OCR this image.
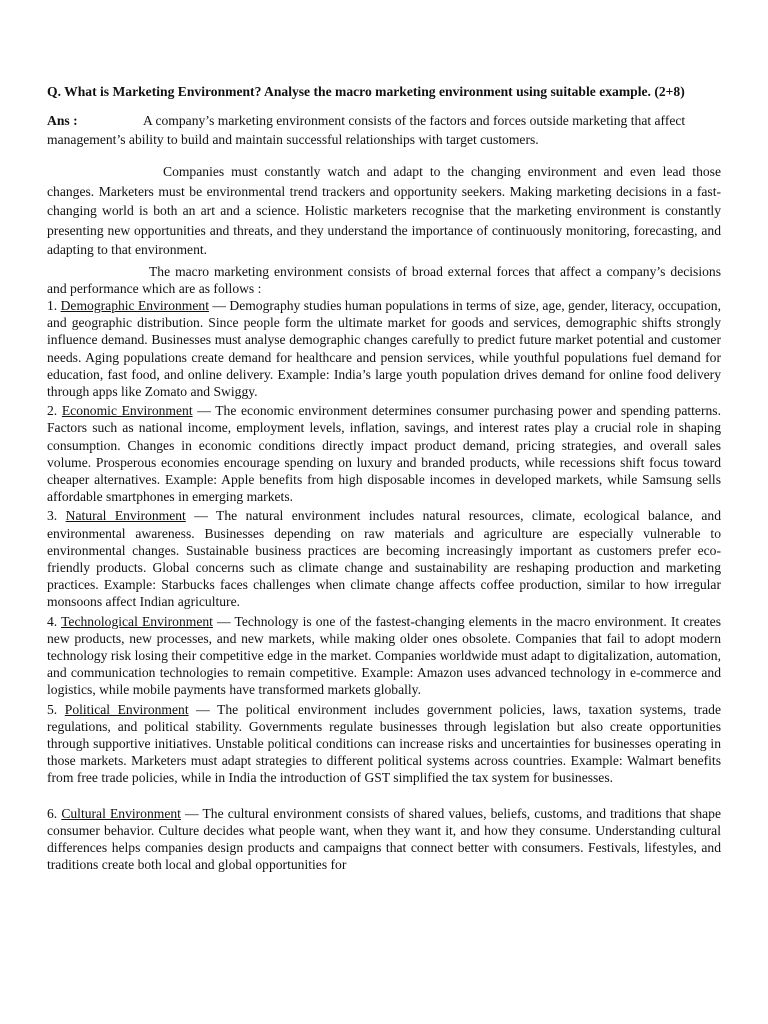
Q. What is Marketing Environment? Analyse the macro marketing environment using suitable example. (2+8)

Ans :	A company’s marketing environment consists of the factors and forces outside marketing that affect management’s ability to build and maintain successful relationships with target customers.

Companies must constantly watch and adapt to the changing environment and even lead those changes. Marketers must be environmental trend trackers and opportunity seekers. Making marketing decisions in a fast-changing world is both an art and a science. Holistic marketers recognise that the marketing environment is constantly presenting new opportunities and threats, and they understand the importance of continuously monitoring, forecasting, and adapting to that environment.

The macro marketing environment consists of broad external forces that affect a company’s decisions and performance which are as follows :

1. Demographic Environment — Demography studies human populations in terms of size, age, gender, literacy, occupation, and geographic distribution. Since people form the ultimate market for goods and services, demographic shifts strongly influence demand. Businesses must analyse demographic changes carefully to predict future market potential and customer needs. Aging populations create demand for healthcare and pension services, while youthful populations fuel demand for education, fast food, and online delivery. Example: India’s large youth population drives demand for online food delivery through apps like Zomato and Swiggy.

2. Economic Environment — The economic environment determines consumer purchasing power and spending patterns. Factors such as national income, employment levels, inflation, savings, and interest rates play a crucial role in shaping consumption. Changes in economic conditions directly impact product demand, pricing strategies, and overall sales volume. Prosperous economies encourage spending on luxury and branded products, while recessions shift focus toward cheaper alternatives. Example: Apple benefits from high disposable incomes in developed markets, while Samsung sells affordable smartphones in emerging markets.

3. Natural Environment — The natural environment includes natural resources, climate, ecological balance, and environmental awareness. Businesses depending on raw materials and agriculture are especially vulnerable to environmental changes. Sustainable business practices are becoming increasingly important as customers prefer eco-friendly products. Global concerns such as climate change and sustainability are reshaping production and marketing practices. Example: Starbucks faces challenges when climate change affects coffee production, similar to how irregular monsoons affect Indian agriculture.

4. Technological Environment — Technology is one of the fastest-changing elements in the macro environment. It creates new products, new processes, and new markets, while making older ones obsolete. Companies that fail to adopt modern technology risk losing their competitive edge in the market. Companies worldwide must adapt to digitalization, automation, and communication technologies to remain competitive. Example: Amazon uses advanced technology in e-commerce and logistics, while mobile payments have transformed markets globally.

5. Political Environment — The political environment includes government policies, laws, taxation systems, trade regulations, and political stability. Governments regulate businesses through legislation but also create opportunities through supportive initiatives. Unstable political conditions can increase risks and uncertainties for businesses operating in those markets. Marketers must adapt strategies to different political systems across countries. Example: Walmart benefits from free trade policies, while in India the introduction of GST simplified the tax system for businesses.

6. Cultural Environment — The cultural environment consists of shared values, beliefs, customs, and traditions that shape consumer behavior. Culture decides what people want, when they want it, and how they consume. Understanding cultural differences helps companies design products and campaigns that connect better with consumers. Festivals, lifestyles, and traditions create both local and global opportunities for
